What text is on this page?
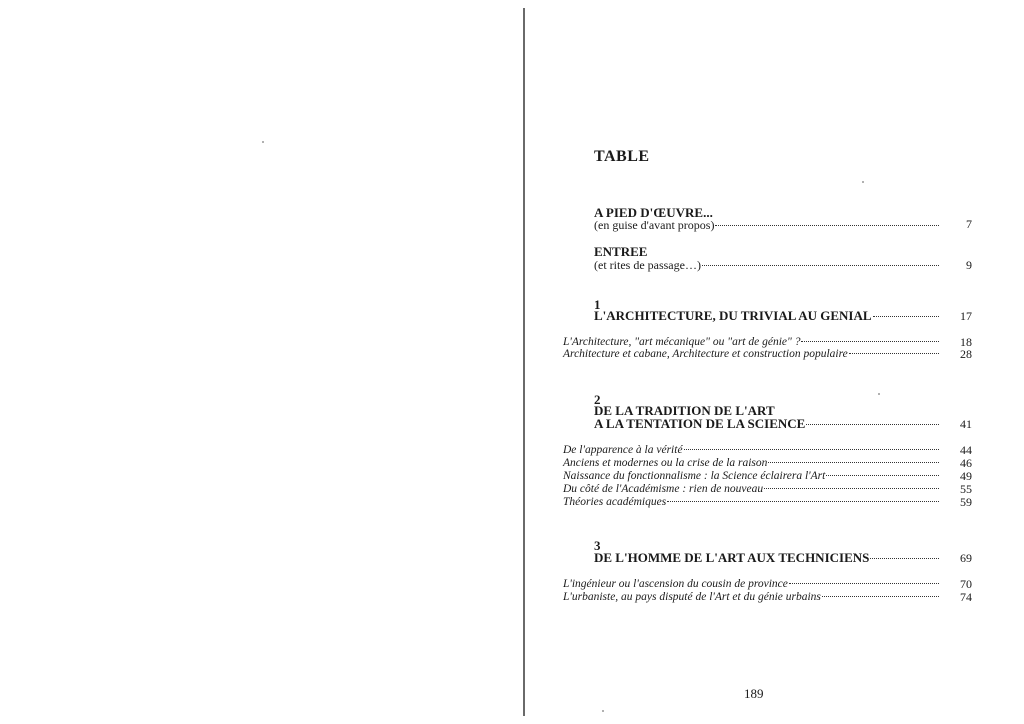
TABLE
A PIED D'ŒUVRE...
(en guise d'avant propos)	7
ENTREE
(et rites de passage…)	9
1
L'ARCHITECTURE, DU TRIVIAL AU GENIAL	17
L'Architecture, "art mécanique" ou "art de génie" ?	18
Architecture et cabane, Architecture et construction populaire	28
2
DE LA TRADITION DE L'ART
A LA TENTATION DE LA SCIENCE	41
De l'apparence à la vérité	44
Anciens et modernes ou la crise de la raison	46
Naissance du fonctionnalisme : la Science éclairera l'Art	49
Du côté de l'Académisme : rien de nouveau	55
Théories académiques	59
3
DE L'HOMME DE L'ART AUX TECHNICIENS	69
L'ingénieur ou l'ascension du cousin de province	70
L'urbaniste, au pays disputé de l'Art et du génie urbains	74
189
